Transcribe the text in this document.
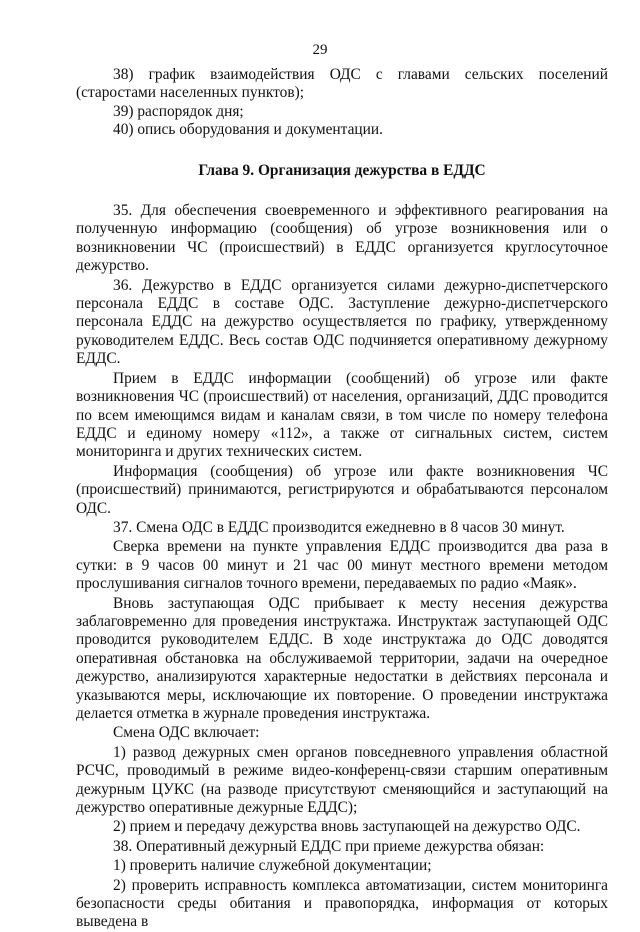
29

38) график взаимодействия ОДС с главами сельских поселений (старостами населенных пунктов);

39) распорядок дня;

40) опись оборудования и документации.

Глава 9. Организация дежурства в ЕДДС

35. Для обеспечения своевременного и эффективного реагирования на полученную информацию (сообщения) об угрозе возникновения или о возникновении ЧС (происшествий) в ЕДДС организуется круглосуточное дежурство.

36. Дежурство в ЕДДС организуется силами дежурно-диспетчерского персонала ЕДДС в составе ОДС. Заступление дежурно-диспетчерского персонала ЕДДС на дежурство осуществляется по графику, утвержденному руководителем ЕДДС. Весь состав ОДС подчиняется оперативному дежурному ЕДДС.

Прием в ЕДДС информации (сообщений) об угрозе или факте возникновения ЧС (происшествий) от населения, организаций, ДДС проводится по всем имеющимся видам и каналам связи, в том числе по номеру телефона ЕДДС и единому номеру «112», а также от сигнальных систем, систем мониторинга и других технических систем.

Информация (сообщения) об угрозе или факте возникновения ЧС (происшествий) принимаются, регистрируются и обрабатываются персоналом ОДС.

37. Смена ОДС в ЕДДС производится ежедневно в 8 часов 30 минут.

Сверка времени на пункте управления ЕДДС производится два раза в сутки: в 9 часов 00 минут и 21 час 00 минут местного времени методом прослушивания сигналов точного времени, передаваемых по радио «Маяк».

Вновь заступающая ОДС прибывает к месту несения дежурства заблаговременно для проведения инструктажа. Инструктаж заступающей ОДС проводится руководителем ЕДДС. В ходе инструктажа до ОДС доводятся оперативная обстановка на обслуживаемой территории, задачи на очередное дежурство, анализируются характерные недостатки в действиях персонала и указываются меры, исключающие их повторение. О проведении инструктажа делается отметка в журнале проведения инструктажа.

Смена ОДС включает:

1) развод дежурных смен органов повседневного управления областной РСЧС, проводимый в режиме видео-конференц-связи старшим оперативным дежурным ЦУКС (на разводе присутствуют сменяющийся и заступающий на дежурство оперативные дежурные ЕДДС);

2) прием и передачу дежурства вновь заступающей на дежурство ОДС.

38. Оперативный дежурный ЕДДС при приеме дежурства обязан:

1) проверить наличие служебной документации;

2) проверить исправность комплекса автоматизации, систем мониторинга безопасности среды обитания и правопорядка, информация от которых выведена в
